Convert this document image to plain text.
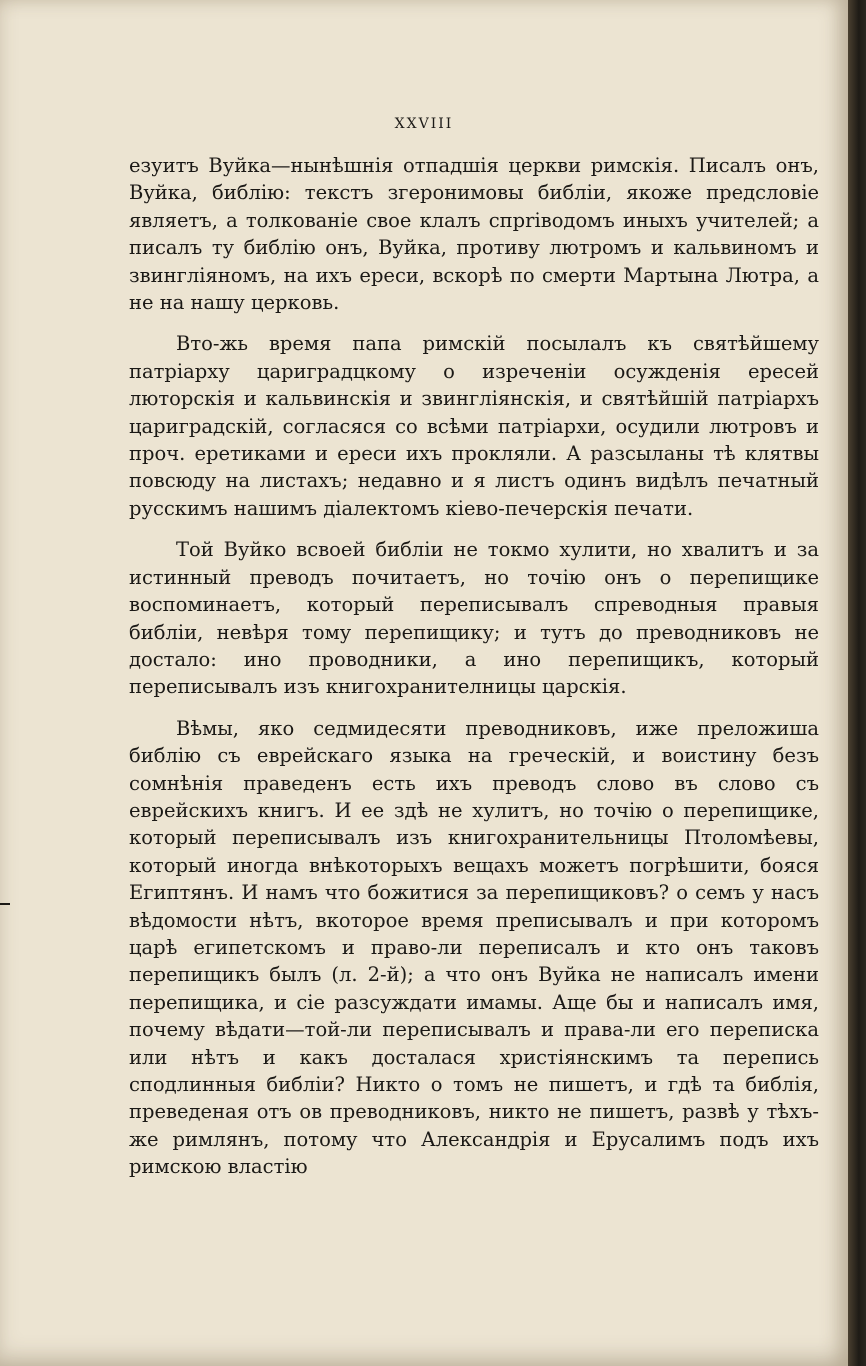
XXVIII

езуитъ Вуйка—нынѣшнія отпадшія церкви римскія. Писалъ онъ, Вуйка, библію: текстъ згеронимовы библіи, якоже предсловіе являетъ, а толкованіе свое клалъ спpriводомъ иныхъ учителей; а писалъ ту библію онъ, Вуйка, противу лютромъ и кальвиномъ и звингліяномъ, на ихъ ереси, вскорѣ по смерти Мартына Лютра, а не на нашу церковь.

Вто-жь время папа римскій посылалъ къ святѣйшему патріарху цариградцкому о изреченіи осужденія ересей люторскія и кальвинскія и звингліянскія, и святѣйшій патріархъ цариградскій, согласяся со всѣми патріархи, осудили лютровъ и проч. еретиками и ереси ихъ прокляли. А разсыланы тѣ клятвы повсюду на листахъ; недавно и я листъ одинъ видѣлъ печатный русскимъ нашимъ діалектомъ кіево-печерскія печати.

Той Вуйко всвоей библіи не токмо хулити, но хвалитъ и за истинный преводъ почитаетъ, но точію онъ о перепищике воспоминаетъ, который переписывалъ спреводныя правыя библіи, невѣря тому перепищику; и тутъ до преводниковъ не достало: ино проводники, а ино перепищикъ, который переписывалъ изъ книгохранителницы царскія.

Вѣмы, яко седмидесяти преводниковъ, иже преложиша библію съ еврейскаго языка на греческій, и воистину безъ сомнѣнія праведенъ есть ихъ преводъ слово въ слово съ еврейскихъ книгъ. И ее здѣ не хулитъ, но точію о перепищике, который переписывалъ изъ книгохранительницы Птоломѣевы, который иногда внѣкоторыхъ вещахъ можетъ погрѣшити, бояся Египтянъ. И намъ что божитися за перепищиковъ? о семъ у насъ вѣдомости нѣтъ, вкоторое время преписывалъ и при которомъ царѣ египетскомъ и право-ли переписалъ и кто онъ таковъ перепищикъ былъ (л. 2-й); а что онъ Вуйка не написалъ имени перепищика, и сіе разсуждати имамы. Аще бы и написалъ имя, почему вѣдати—той-ли переписывалъ и права-ли его переписка или нѣтъ и какъ досталася христіянскимъ та перепись сподлинныя библіи? Никто о томъ не пишетъ, и гдѣ та библія, преведеная отъ ов преводниковъ, никто не пишетъ, развѣ у тѣхъ-же римлянъ, потому что Александрія и Ерусалимъ подъ ихъ римскою властію
